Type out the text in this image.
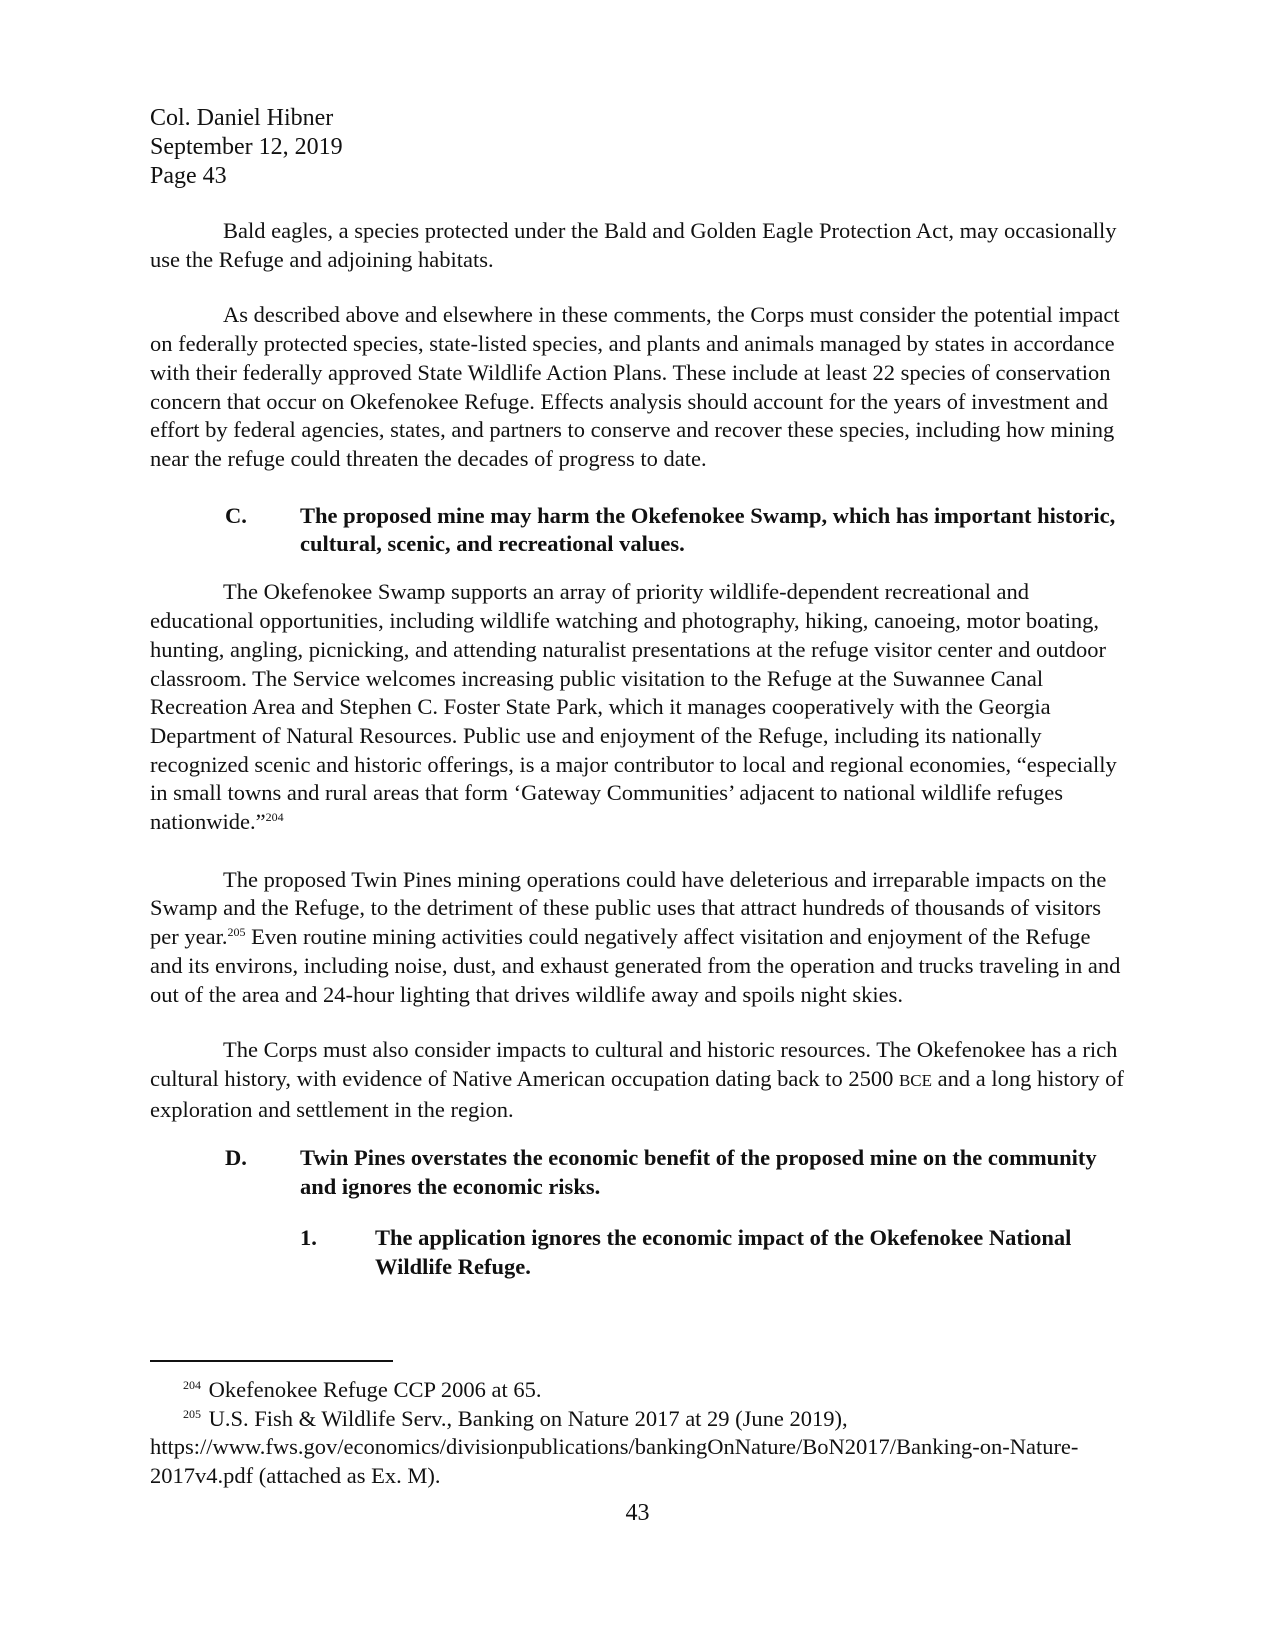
Col. Daniel Hibner
September 12, 2019
Page 43

Bald eagles, a species protected under the Bald and Golden Eagle Protection Act, may occasionally use the Refuge and adjoining habitats.

As described above and elsewhere in these comments, the Corps must consider the potential impact on federally protected species, state-listed species, and plants and animals managed by states in accordance with their federally approved State Wildlife Action Plans. These include at least 22 species of conservation concern that occur on Okefenokee Refuge. Effects analysis should account for the years of investment and effort by federal agencies, states, and partners to conserve and recover these species, including how mining near the refuge could threaten the decades of progress to date.

C.	The proposed mine may harm the Okefenokee Swamp, which has important historic, cultural, scenic, and recreational values.

The Okefenokee Swamp supports an array of priority wildlife-dependent recreational and educational opportunities, including wildlife watching and photography, hiking, canoeing, motor boating, hunting, angling, picnicking, and attending naturalist presentations at the refuge visitor center and outdoor classroom. The Service welcomes increasing public visitation to the Refuge at the Suwannee Canal Recreation Area and Stephen C. Foster State Park, which it manages cooperatively with the Georgia Department of Natural Resources. Public use and enjoyment of the Refuge, including its nationally recognized scenic and historic offerings, is a major contributor to local and regional economies, “especially in small towns and rural areas that form ‘Gateway Communities’ adjacent to national wildlife refuges nationwide.”$^{204}$

The proposed Twin Pines mining operations could have deleterious and irreparable impacts on the Swamp and the Refuge, to the detriment of these public uses that attract hundreds of thousands of visitors per year.$^{205}$ Even routine mining activities could negatively affect visitation and enjoyment of the Refuge and its environs, including noise, dust, and exhaust generated from the operation and trucks traveling in and out of the area and 24-hour lighting that drives wildlife away and spoils night skies.

The Corps must also consider impacts to cultural and historic resources. The Okefenokee has a rich cultural history, with evidence of Native American occupation dating back to 2500 BCE and a long history of exploration and settlement in the region.

D.	Twin Pines overstates the economic benefit of the proposed mine on the community and ignores the economic risks.
1.	The application ignores the economic impact of the Okefenokee National Wildlife Refuge.

$^{204}$ Okefenokee Refuge CCP 2006 at 65.

$^{205}$ U.S. Fish & Wildlife Serv., Banking on Nature 2017 at 29 (June 2019), https://www.fws.gov/economics/divisionpublications/bankingOnNature/BoN2017/Banking-on-Nature-2017v4.pdf (attached as Ex. M).

43
